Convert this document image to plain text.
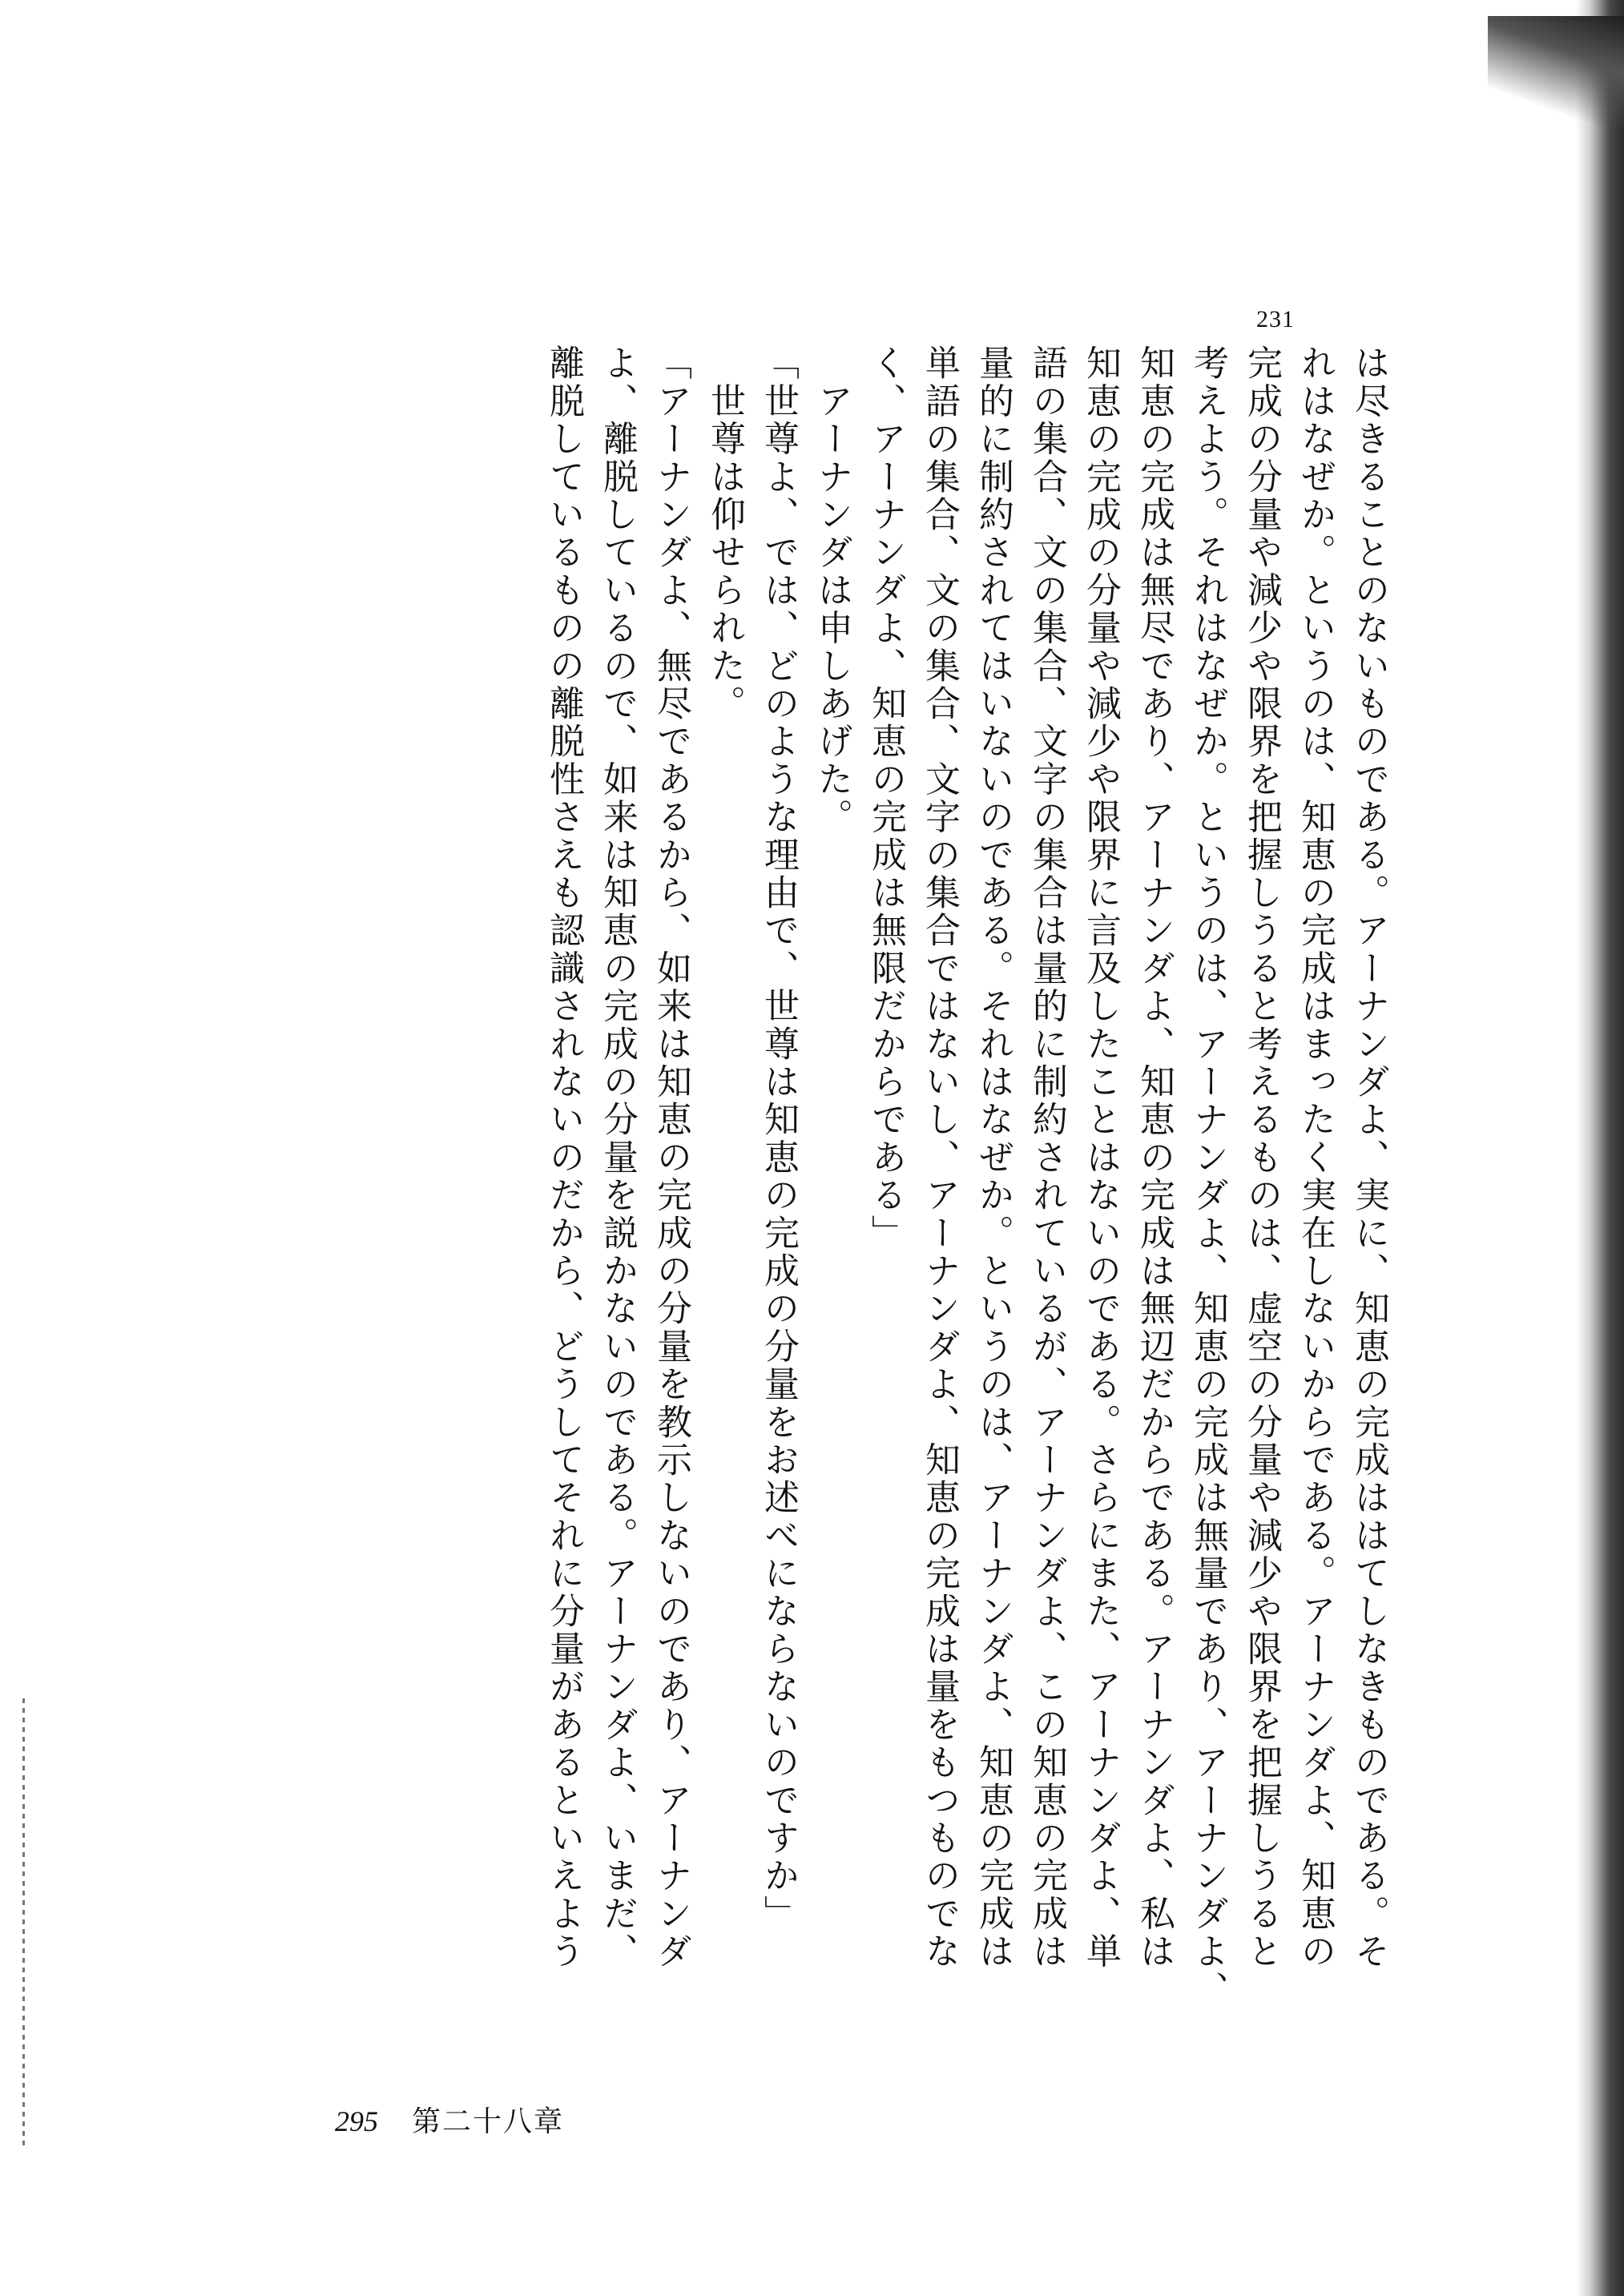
231
は尽きることのないものである。アーナンダよ、実に、知恵の完成ははてしなきものである。そ
れはなぜか。というのは、知恵の完成はまったく実在しないからである。アーナンダよ、知恵の
完成の分量や減少や限界を把握しうると考えるものは、虚空の分量や減少や限界を把握しうると
考えよう。それはなぜか。というのは、アーナンダよ、知恵の完成は無量であり、アーナンダよ、
知恵の完成は無尽であり、アーナンダよ、知恵の完成は無辺だからである。アーナンダよ、私は
知恵の完成の分量や減少や限界に言及したことはないのである。さらにまた、アーナンダよ、単
語の集合、文の集合、文字の集合は量的に制約されているが、アーナンダよ、この知恵の完成は
量的に制約されてはいないのである。それはなぜか。というのは、アーナンダよ、知恵の完成は
単語の集合、文の集合、文字の集合ではないし、アーナンダよ、知恵の完成は量をもつものでな
く、アーナンダよ、知恵の完成は無限だからである」
　アーナンダは申しあげた。
「世尊よ、では、どのような理由で、世尊は知恵の完成の分量をお述べにならないのですか」
　世尊は仰せられた。
「アーナンダよ、無尽であるから、如来は知恵の完成の分量を教示しないのであり、アーナンダ
よ、離脱しているので、如来は知恵の完成の分量を説かないのである。アーナンダよ、いまだ、
離脱しているものの離脱性さえも認識されないのだから、どうしてそれに分量があるといえよう
295 第二十八章
